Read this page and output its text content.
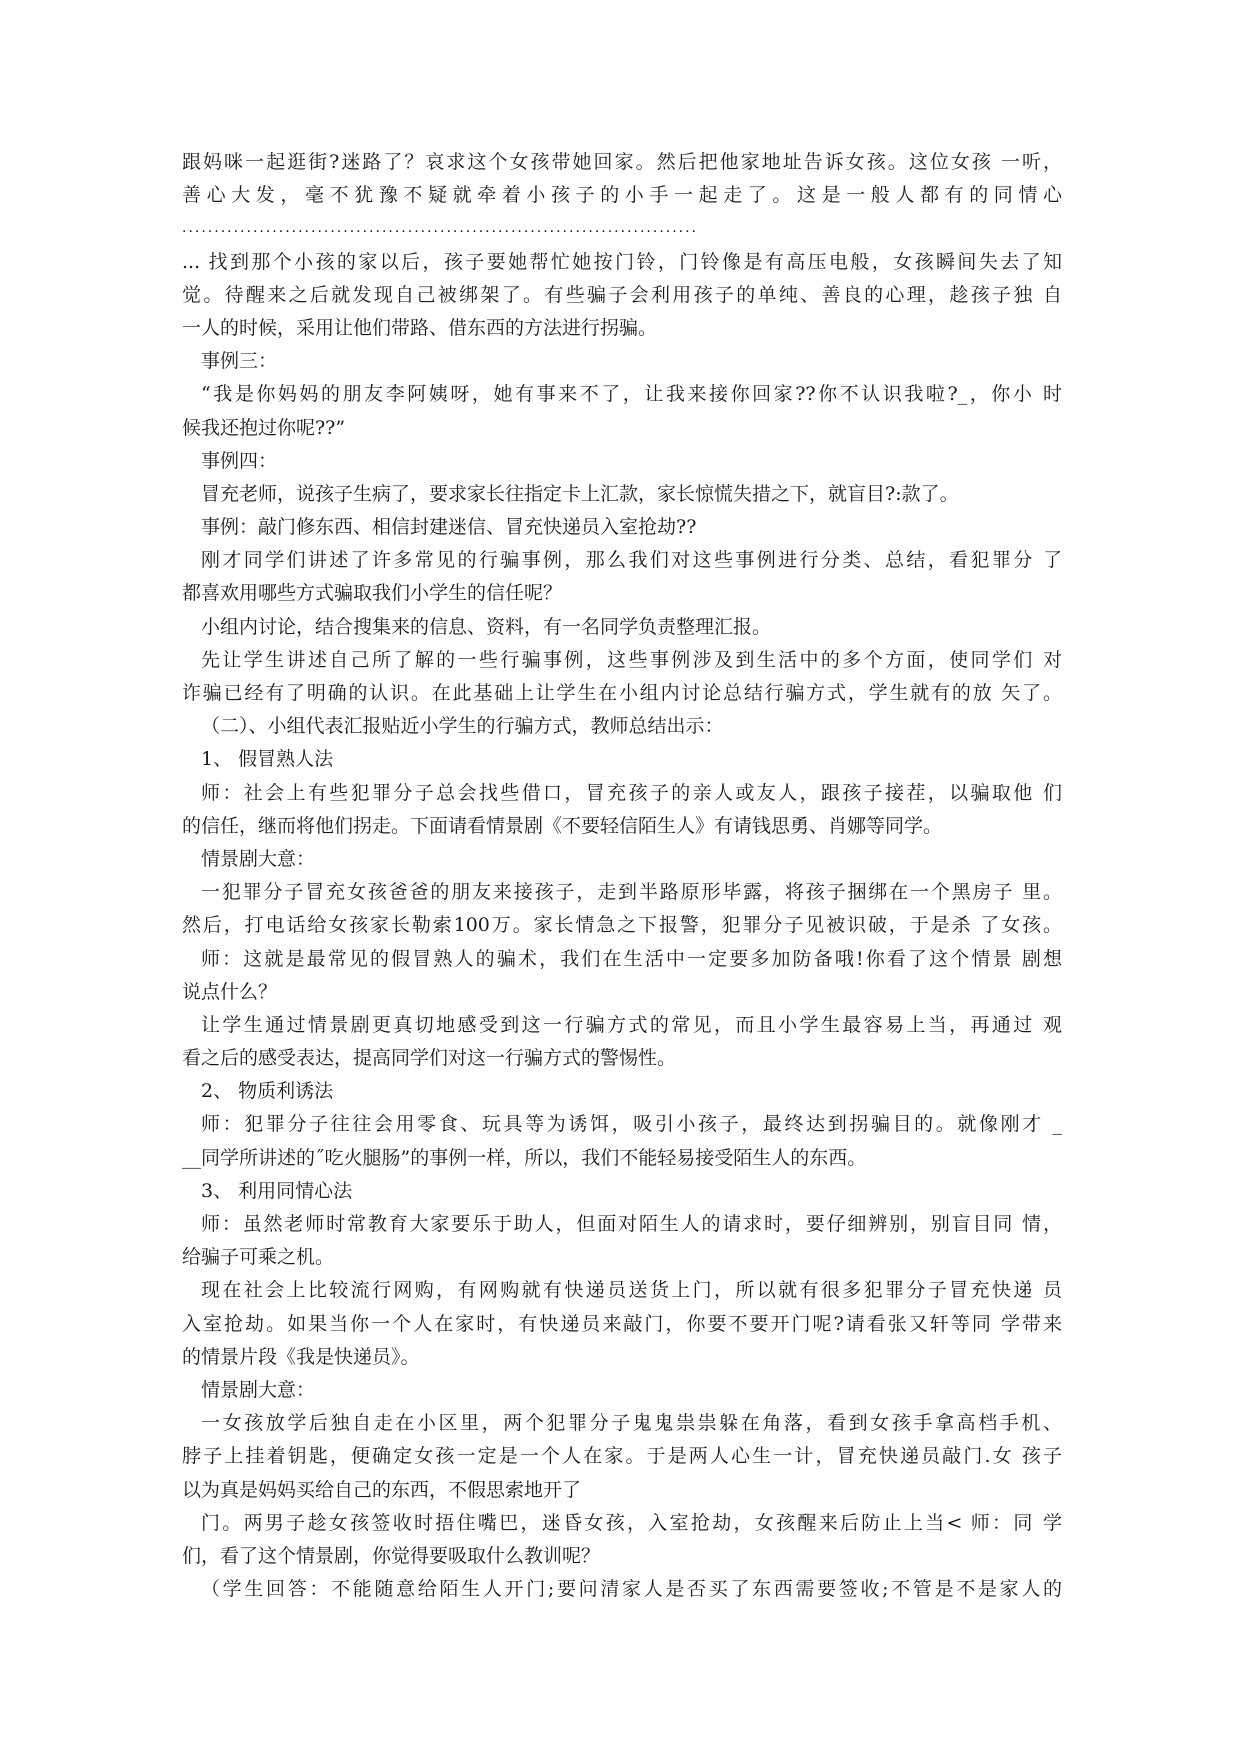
跟妈咪一起逛街?迷路了？哀求这个女孩带她回家。然后把他家地址告诉女孩。这位女孩 一听，
善心大发，毫不犹豫不疑就牵着小孩子的小手一起走了。这是一般人都有的同情心
................................................................................
... 找到那个小孩的家以后，孩子要她帮忙她按门铃，门铃像是有高压电般，女孩瞬间失去了知
觉。待醒来之后就发现自己被绑架了。有些骗子会利用孩子的单纯、善良的心理，趁孩子独 自
一人的时候，采用让他们带路、借东西的方法进行拐骗。
事例三：
“我是你妈妈的朋友李阿姨呀，她有事来不了，让我来接你回家??你不认识我啦?_，你小 时
候我还抱过你呢??”
事例四：
冒充老师，说孩子生病了，要求家长往指定卡上汇款，家长惊慌失措之下，就盲目?:款了。
事例：敲门修东西、相信封建迷信、冒充快递员入室抢劫??
刚才同学们讲述了许多常见的行骗事例，那么我们对这些事例进行分类、总结，看犯罪分 了
都喜欢用哪些方式骗取我们小学生的信任呢？
小组内讨论，结合搜集来的信息、资料，有一名同学负责整理汇报。
先让学生讲述自己所了解的一些行骗事例，这些事例涉及到生活中的多个方面，使同学们 对
诈骗已经有了明确的认识。在此基础上让学生在小组内讨论总结行骗方式，学生就有的放 矢了。
（二）、小组代表汇报贴近小学生的行骗方式，教师总结出示：
1、 假冒熟人法
师：社会上有些犯罪分子总会找些借口，冒充孩子的亲人或友人，跟孩子接茬，以骗取他 们
的信任，继而将他们拐走。下面请看情景剧《不要轻信陌生人》有请钱思勇、肖娜等同学。
情景剧大意：
一犯罪分子冒充女孩爸爸的朋友来接孩子，走到半路原形毕露，将孩子捆绑在一个黑房子 里。
然后，打电话给女孩家长勒索100万。家长情急之下报警，犯罪分子见被识破，于是杀 了女孩。
师：这就是最常见的假冒熟人的骗术，我们在生活中一定要多加防备哦!你看了这个情景 剧想
说点什么？
让学生通过情景剧更真切地感受到这一行骗方式的常见，而且小学生最容易上当，再通过 观
看之后的感受表达，提高同学们对这一行骗方式的警惕性。
2、 物质利诱法
师：犯罪分子往往会用零食、玩具等为诱饵，吸引小孩子，最终达到拐骗目的。就像刚才 _
__同学所讲述的˝吃火腿肠”的事例一样，所以，我们不能轻易接受陌生人的东西。
3、 利用同情心法
师：虽然老师时常教育大家要乐于助人，但面对陌生人的请求时，要仔细辨别，别盲目同 情，
给骗子可乘之机。
现在社会上比较流行网购，有网购就有快递员送货上门，所以就有很多犯罪分子冒充快递 员
入室抢劫。如果当你一个人在家时，有快递员来敲门，你要不要开门呢?请看张又轩等同 学带来
的情景片段《我是快递员》。
情景剧大意：
一女孩放学后独自走在小区里，两个犯罪分子鬼鬼祟祟躲在角落，看到女孩手拿高档手机、
脖子上挂着钥匙，便确定女孩一定是一个人在家。于是两人心生一计，冒充快递员敲门.女 孩子
以为真是妈妈买给自己的东西，不假思索地开了
门。两男子趁女孩签收时捂住嘴巴，迷昏女孩，入室抢劫，女孩醒来后防止上当< 师：同 学
们，看了这个情景剧，你觉得要吸取什么教训呢？
（学生回答：不能随意给陌生人开门;要问清家人是否买了东西需要签收;不管是不是家人的
